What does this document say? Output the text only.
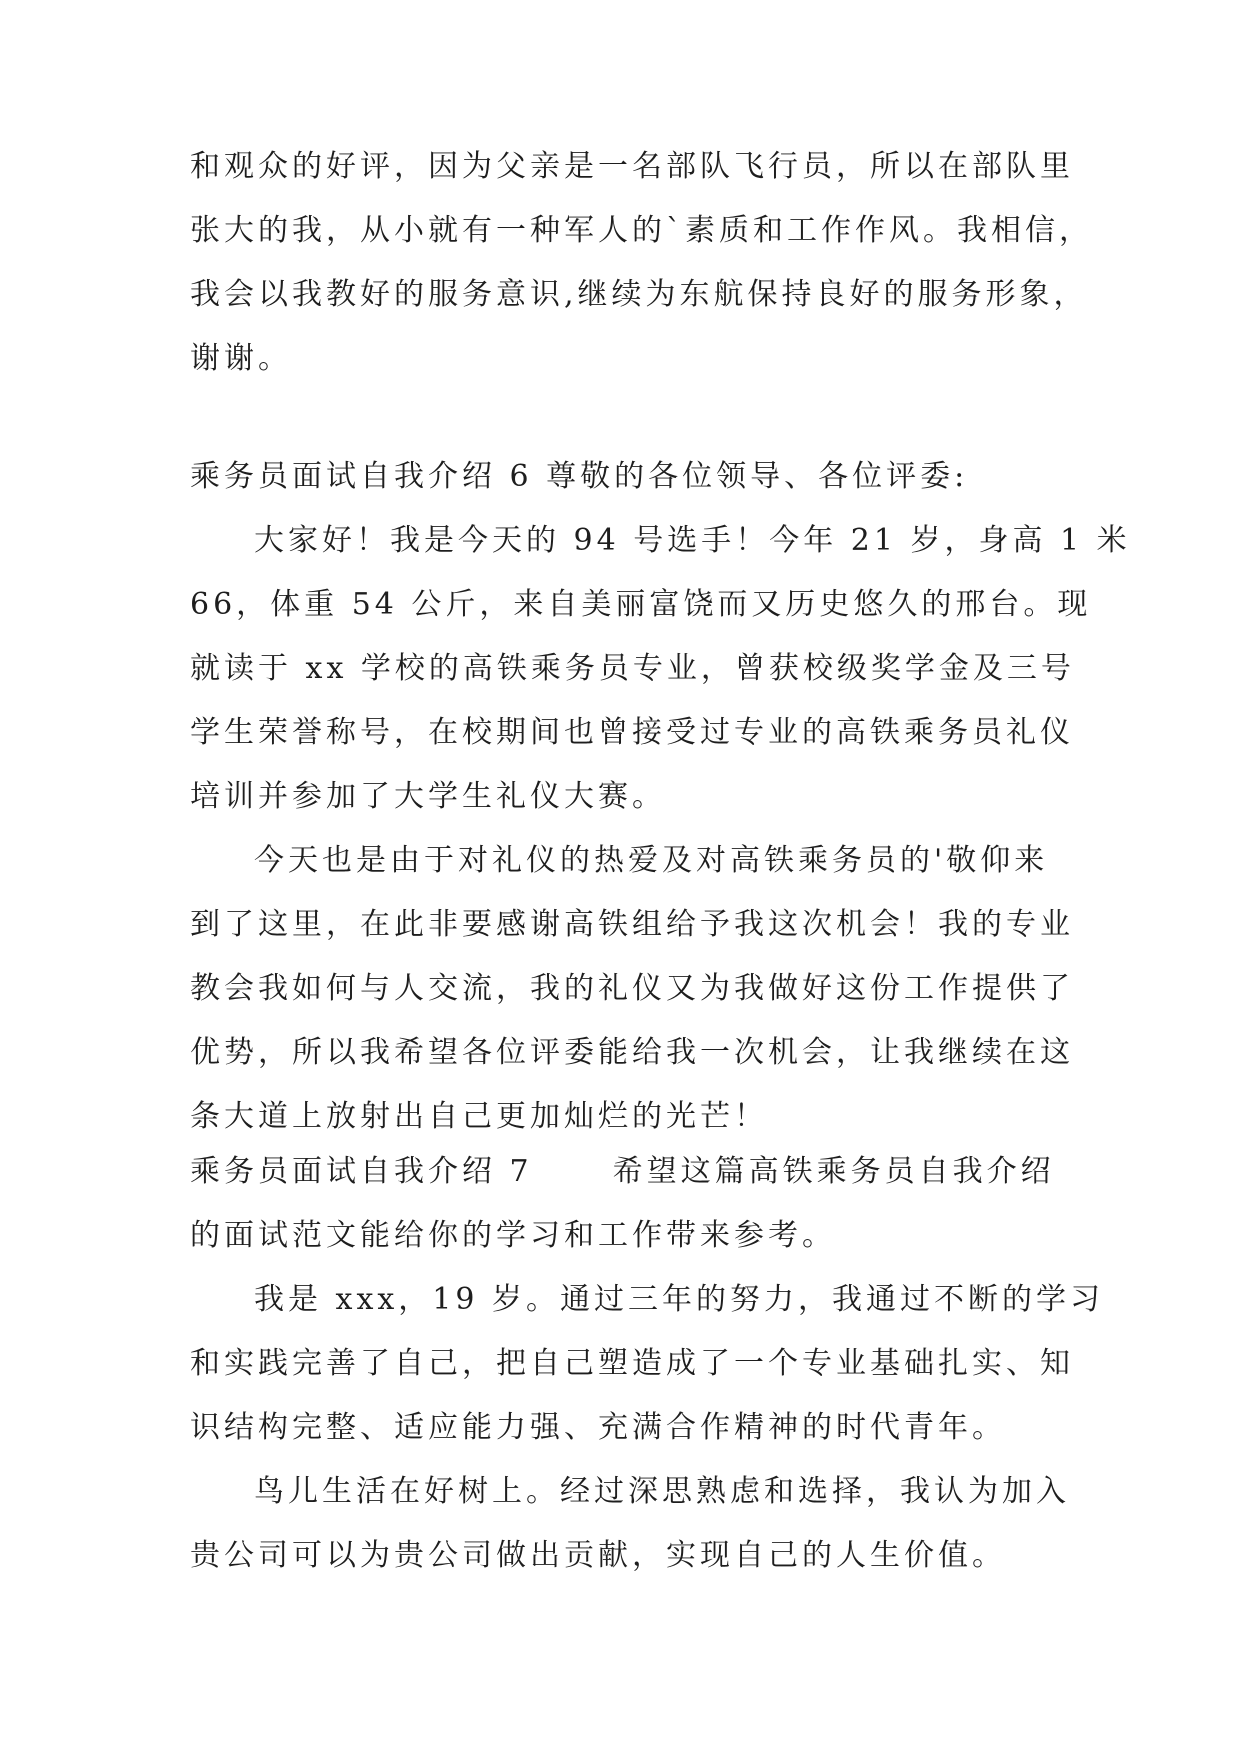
和观众的好评，因为父亲是一名部队飞行员，所以在部队里
张大的我，从小就有一种军人的`素质和工作作风。我相信，
我会以我教好的服务意识,继续为东航保持良好的服务形象，
谢谢。
乘务员面试自我介绍 6 尊敬的各位领导、各位评委:
大家好！我是今天的 94 号选手！今年 21 岁，身高 1 米
66，体重 54 公斤，来自美丽富饶而又历史悠久的邢台。现
就读于 xx 学校的高铁乘务员专业，曾获校级奖学金及三号
学生荣誉称号，在校期间也曾接受过专业的高铁乘务员礼仪
培训并参加了大学生礼仪大赛。
今天也是由于对礼仪的热爱及对高铁乘务员的'敬仰来
到了这里，在此非要感谢高铁组给予我这次机会！我的专业
教会我如何与人交流，我的礼仪又为我做好这份工作提供了
优势，所以我希望各位评委能给我一次机会，让我继续在这
条大道上放射出自己更加灿烂的光芒！
乘务员面试自我介绍 7	希望这篇高铁乘务员自我介绍
的面试范文能给你的学习和工作带来参考。
我是 xxx，19 岁。通过三年的努力，我通过不断的学习
和实践完善了自己，把自己塑造成了一个专业基础扎实、知
识结构完整、适应能力强、充满合作精神的时代青年。
鸟儿生活在好树上。经过深思熟虑和选择，我认为加入
贵公司可以为贵公司做出贡献，实现自己的人生价值。
